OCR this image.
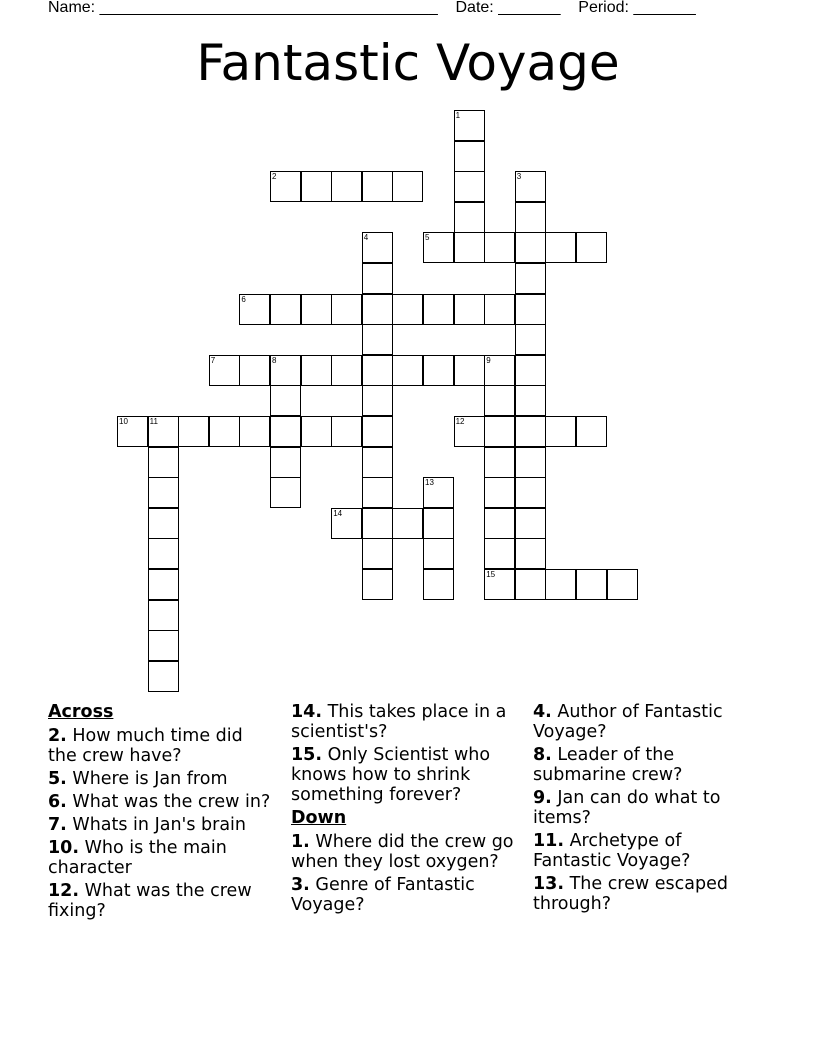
Name: ______________________________________ Date: _______ Period: _______
Fantastic Voyage
1
2	3
4	5
6
7	8	9
10	11	12
13
14
15
Across
2. How much time did the crew have?
5. Where is Jan from
6. What was the crew in?
7. Whats in Jan's brain
10. Who is the main character
12. What was the crew fixing?
14. This takes place in a scientist's?
15. Only Scientist who knows how to shrink something forever?
Down
1. Where did the crew go when they lost oxygen?
3. Genre of Fantastic Voyage?
4. Author of Fantastic Voyage?
8. Leader of the submarine crew?
9. Jan can do what to items?
11. Archetype of Fantastic Voyage?
13. The crew escaped through?
